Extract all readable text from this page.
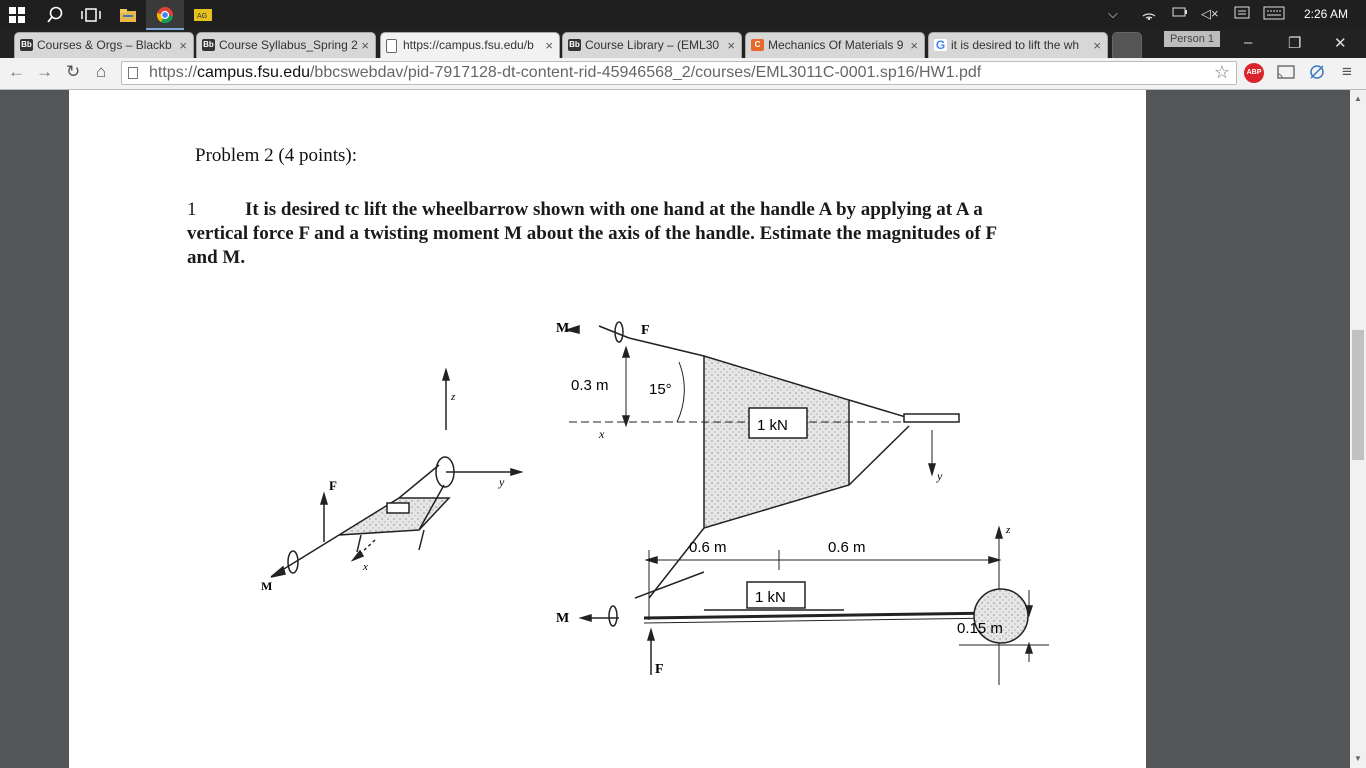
AG	⌵	◁×	2:26 AM
Bb Courses & Orgs – Blackb × Bb Course Syllabus_Spring 2 ×	https://campus.fsu.edu/b × Bb Course Library – (EML30 ×	C Mechanics Of Materials 9 × G it is desired to lift the wh ×	Person 1	– ❐ ✕
← → ↻ ⌂	https://campus.fsu.edu/bbcswebdav/pid-7917128-dt-content-rid-45946568_2/courses/EML3011C-0001.sp16/HW1.pdf	☆	ABP	≡
Problem 2 (4 points):
1	It is desired tc lift the wheelbarrow shown with one hand at the handle A by applying at A a vertical force F and a twisting moment M about the axis of the handle. Estimate the magnitudes of F and M.
z
y
F
M
x
M	F
0.3 m	15°
1 kN
x
y
1 kN
0.6 m	0.6 m
0.15 m
M
F
z
▲
▼
